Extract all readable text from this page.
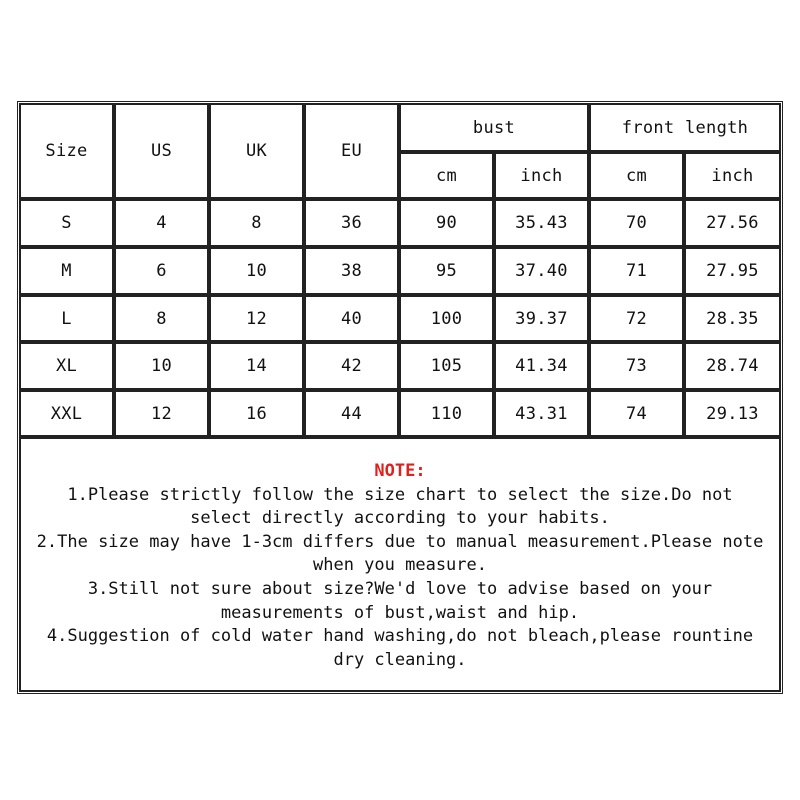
Size	US	UK	EU
bust	front length
cm	inch	cm	inch
S	4	8	36	90	35.43	70	27.56
M	6	10	38	95	37.40	71	27.95
L	8	12	40	100	39.37	72	28.35
XL	10	14	42	105	41.34	73	28.74
XXL	12	16	44	110	43.31	74	29.13
NOTE:
1.Please strictly follow the size chart to select the size.Do not
select directly according to your habits.
2.The size may have 1-3cm differs due to manual measurement.Please note
when you measure.
3.Still not sure about size?We'd love to advise based on your
measurements of bust,waist and hip.
4.Suggestion of cold water hand washing,do not bleach,please rountine
dry cleaning.
